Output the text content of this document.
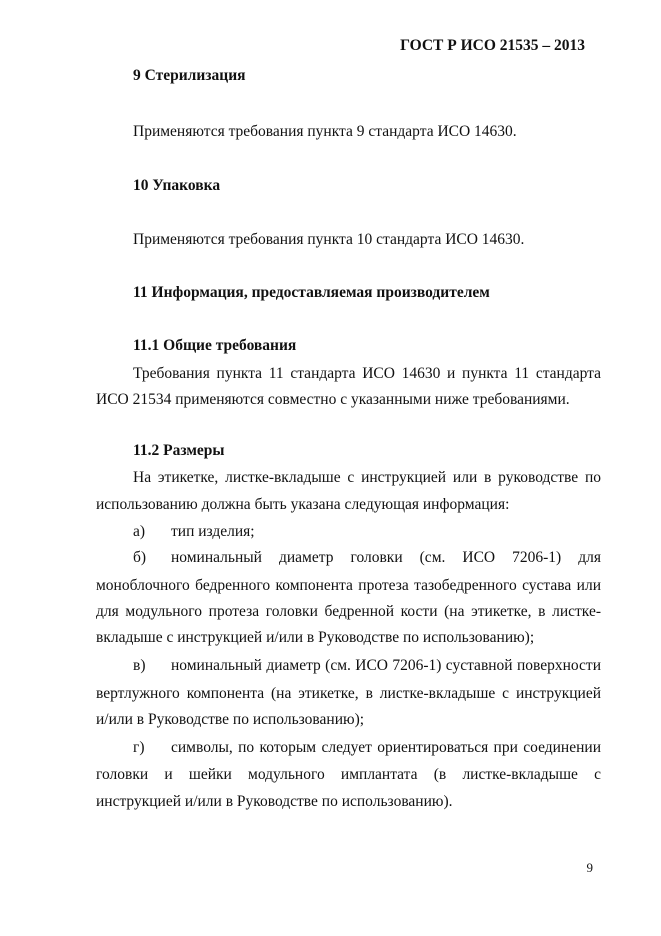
ГОСТ Р ИСО 21535 – 2013
9 Стерилизация
Применяются требования пункта 9 стандарта ИСО 14630.
10 Упаковка
Применяются требования пункта 10 стандарта ИСО 14630.
11 Информация, предоставляемая производителем
11.1 Общие требования
Требования пункта 11 стандарта ИСО 14630 и пункта 11 стандарта
ИСО 21534 применяются совместно с указанными ниже требованиями.
11.2 Размеры
На этикетке, листке-вкладыше с инструкцией или в руководстве по
использованию должна быть указана следующая информация:
а) тип изделия;
б) номинальный диаметр головки (см. ИСО 7206-1) для
моноблочного бедренного компонента протеза тазобедренного сустава или
для модульного протеза головки бедренной кости (на этикетке, в листке-
вкладыше с инструкцией и/или в Руководстве по использованию);
в) номинальный диаметр (см. ИСО 7206-1) суставной поверхности
вертлужного компонента (на этикетке, в листке-вкладыше с инструкцией
и/или в Руководстве по использованию);
г) символы, по которым следует ориентироваться при соединении
головки и шейки модульного имплантата (в листке-вкладыше с
инструкцией и/или в Руководстве по использованию).
9
